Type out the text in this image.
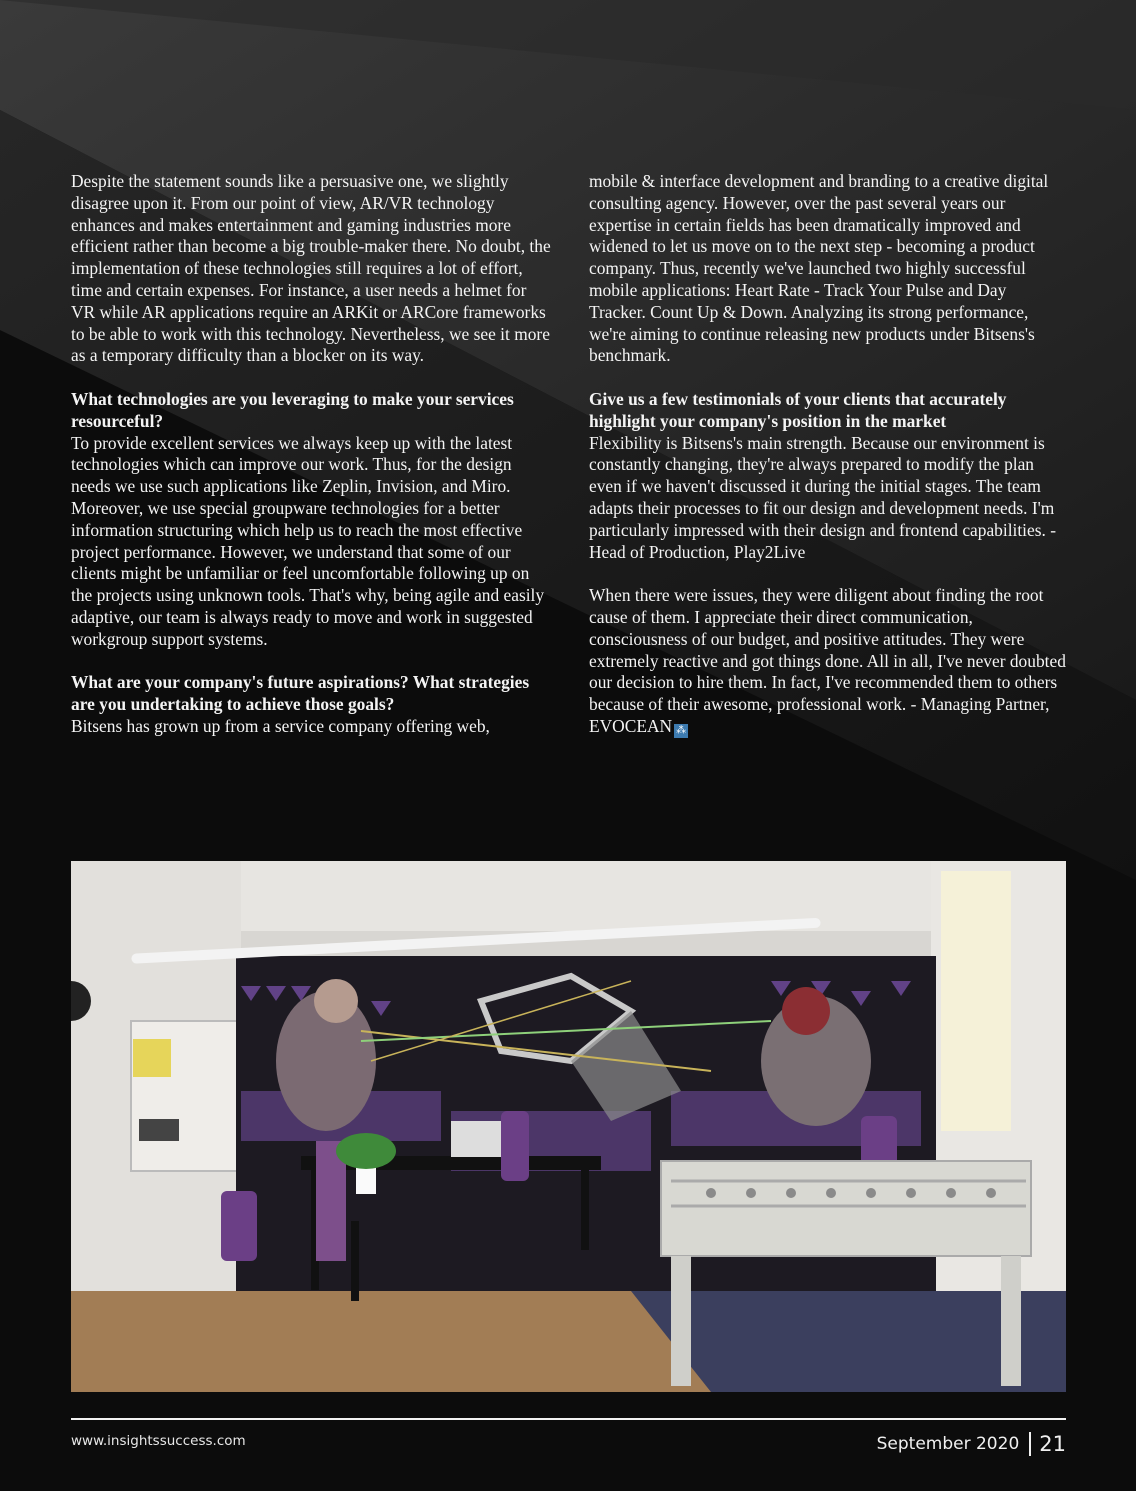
Despite the statement sounds like a persuasive one, we slightly disagree upon it. From our point of view, AR/VR technology enhances and makes entertainment and gaming industries more efficient rather than become a big trouble-maker there. No doubt, the implementation of these technologies still requires a lot of effort, time and certain expenses. For instance, a user needs a helmet for VR while AR applications require an ARKit or ARCore frameworks to be able to work with this technology. Nevertheless, we see it more as a temporary difficulty than a blocker on its way.

What technologies are you leveraging to make your services resourceful?

To provide excellent services we always keep up with the latest technologies which can improve our work. Thus, for the design needs we use such applications like Zeplin, Invision, and Miro. Moreover, we use special groupware technologies for a better information structuring which help us to reach the most effective project performance. However, we understand that some of our clients might be unfamiliar or feel uncomfortable following up on the projects using unknown tools. That's why, being agile and easily adaptive, our team is always ready to move and work in suggested workgroup support systems.

What are your company's future aspirations? What strategies are you undertaking to achieve those goals?

Bitsens has grown up from a service company offering web,

mobile & interface development and branding to a creative digital consulting agency. However, over the past several years our expertise in certain fields has been dramatically improved and widened to let us move on to the next step - becoming a product company. Thus, recently we've launched two highly successful mobile applications: Heart Rate - Track Your Pulse and Day Tracker. Count Up & Down. Analyzing its strong performance, we're aiming to continue releasing new products under Bitsens's benchmark.

Give us a few testimonials of your clients that accurately highlight your company's position in the market

Flexibility is Bitsens's main strength. Because our environment is constantly changing, they're always prepared to modify the plan even if we haven't discussed it during the initial stages. The team adapts their processes to fit our design and development needs. I'm particularly impressed with their design and frontend capabilities. - Head of Production, Play2Live

When there were issues, they were diligent about finding the root cause of them. I appreciate their direct communication, consciousness of our budget, and positive attitudes. They were extremely reactive and got things done. All in all, I've never doubted our decision to hire them. In fact, I've recommended them to others because of their awesome, professional work. - Managing Partner, EVOCEAN ⁂

www.insightssuccess.com	September 2020 21
